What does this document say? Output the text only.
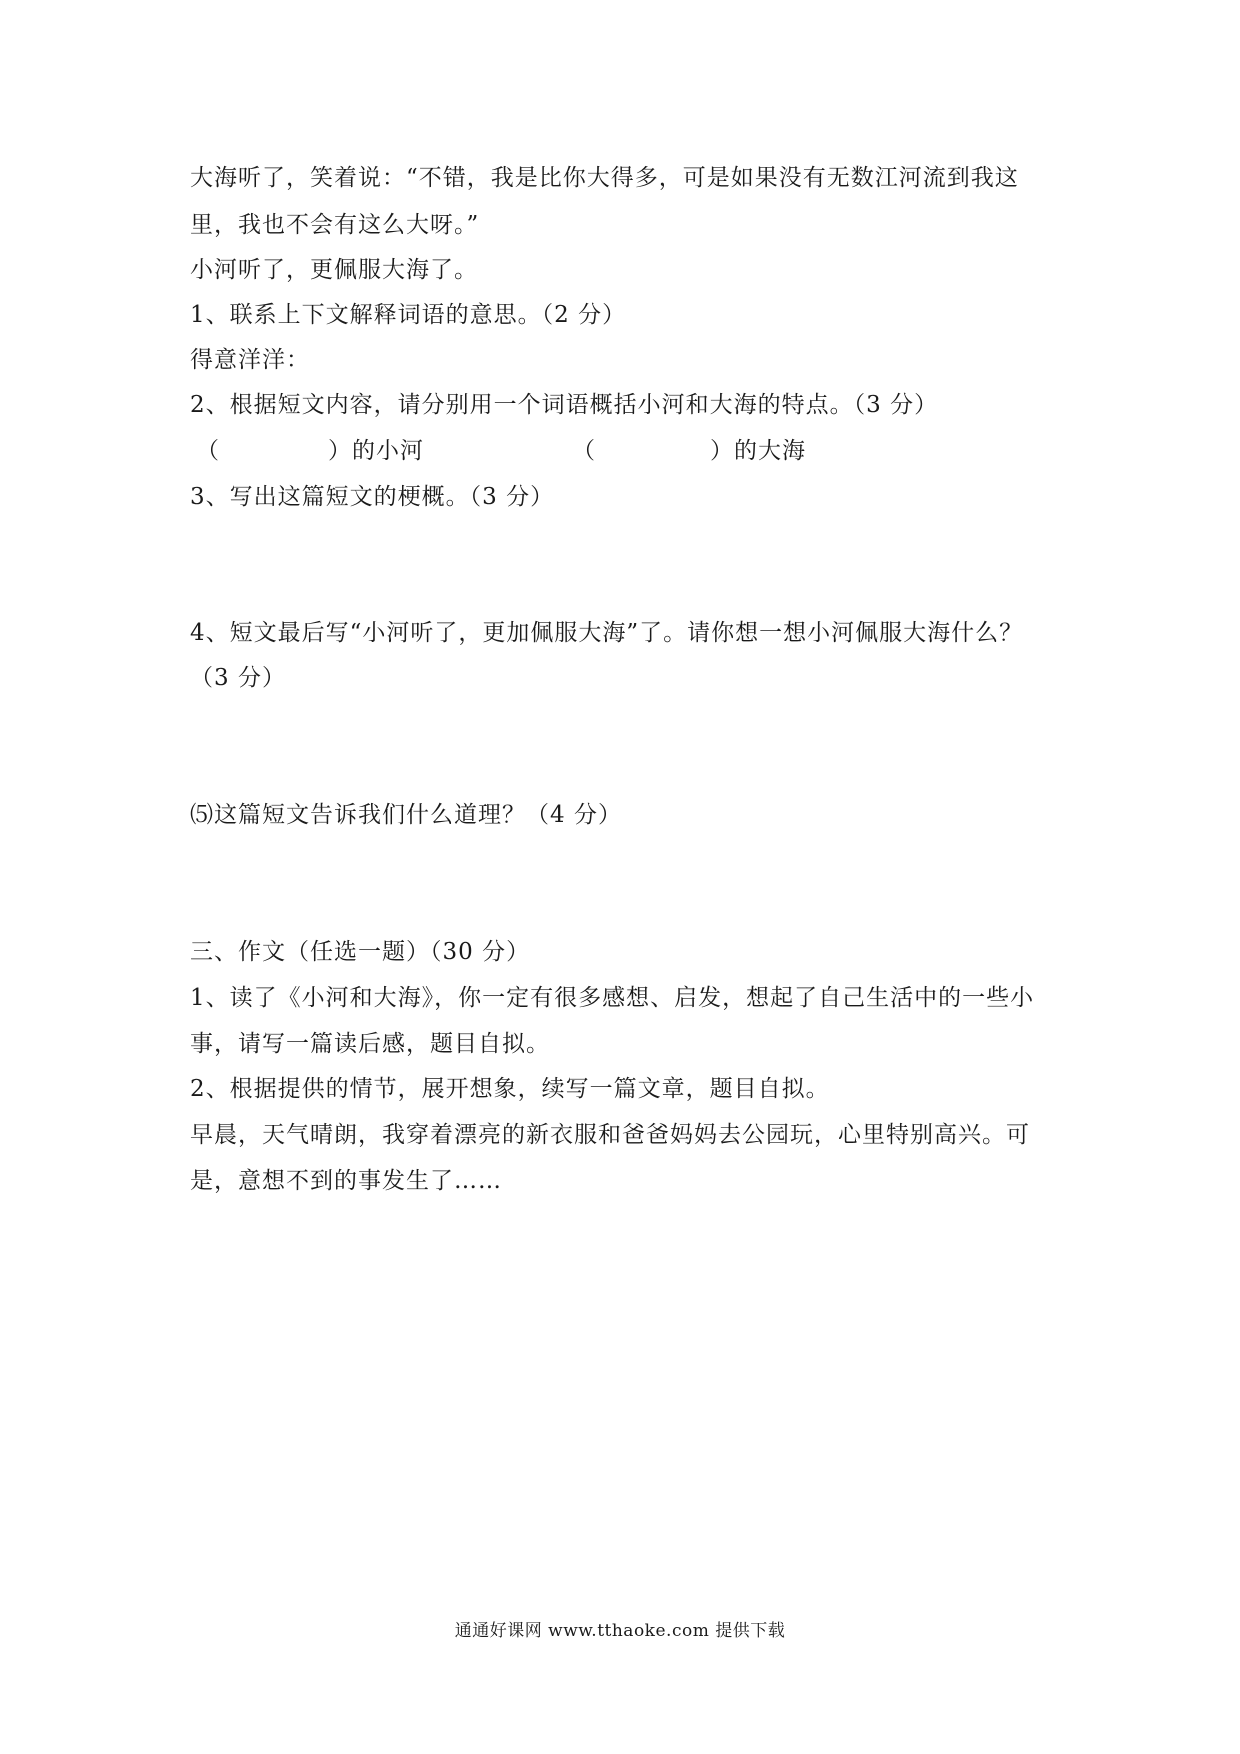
大海听了，笑着说：“不错，我是比你大得多，可是如果没有无数江河流到我这
里，我也不会有这么大呀。”
小河听了，更佩服大海了。
1、联系上下文解释词语的意思。（2 分）
得意洋洋：
2、根据短文内容，请分别用一个词语概括小河和大海的特点。（3 分）
（	）的小河	（	）的大海
3、写出这篇短文的梗概。（3 分）
4、短文最后写“小河听了，更加佩服大海”了。请你想一想小河佩服大海什么？
（3 分）
⑸这篇短文告诉我们什么道理？（4 分）
三、作文（任选一题）（30 分）
1、读了《小河和大海》，你一定有很多感想、启发，想起了自己生活中的一些小
事，请写一篇读后感，题目自拟。
2、根据提供的情节，展开想象，续写一篇文章，题目自拟。
早晨，天气晴朗，我穿着漂亮的新衣服和爸爸妈妈去公园玩，心里特别高兴。可
是，意想不到的事发生了……
通通好课网 www.tthaoke.com 提供下载
